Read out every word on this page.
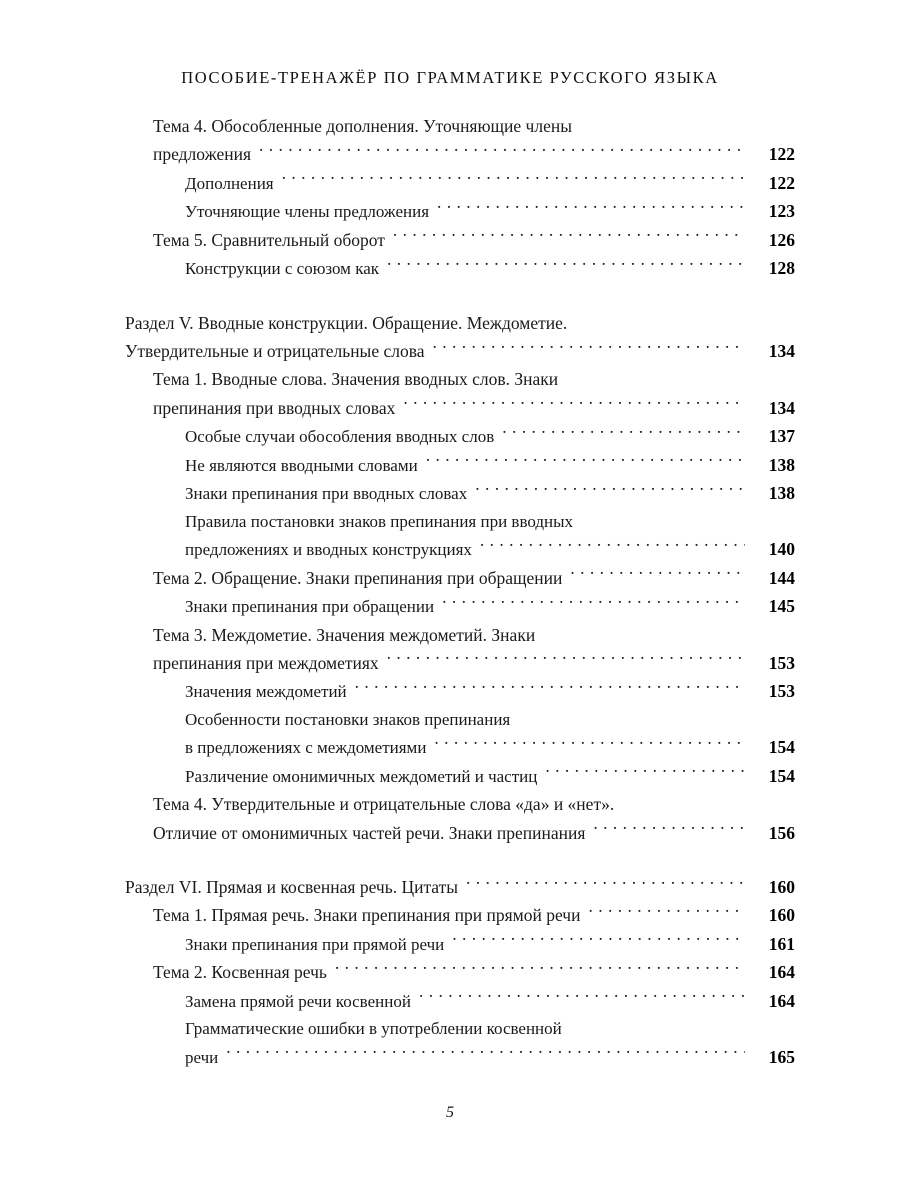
ПОСОБИЕ-ТРЕНАЖЁР ПО ГРАММАТИКЕ РУССКОГО ЯЗЫКА
Тема 4. Обособленные дополнения. Уточняющие члены
предложения . . .	122
Дополнения . . .	122
Уточняющие члены предложения . . .	123
Тема 5. Сравнительный оборот . . .	126
Конструкции с союзом как . . .	128
Раздел V. Вводные конструкции. Обращение. Междометие.
Утвердительные и отрицательные слова . . .	134
Тема 1. Вводные слова. Значения вводных слов. Знаки
препинания при вводных словах . . .	134
Особые случаи обособления вводных слов . . .	137
Не являются вводными словами . . .	138
Знаки препинания при вводных словах . . .	138
Правила постановки знаков препинания при вводных
предложениях и вводных конструкциях . . .	140
Тема 2. Обращение. Знаки препинания при обращении . . .	144
Знаки препинания при обращении . . .	145
Тема 3. Междометие. Значения междометий. Знаки
препинания при междометиях . . .	153
Значения междометий . . .	153
Особенности постановки знаков препинания
в предложениях с междометиями . . .	154
Различение омонимичных междометий и частиц . . .	154
Тема 4. Утвердительные и отрицательные слова «да» и «нет».
Отличие от омонимичных частей речи. Знаки препинания . . .	156
Раздел VI. Прямая и косвенная речь. Цитаты . . .	160
Тема 1. Прямая речь. Знаки препинания при прямой речи . . .	160
Знаки препинания при прямой речи . . .	161
Тема 2. Косвенная речь . . .	164
Замена прямой речи косвенной . . .	164
Грамматические ошибки в употреблении косвенной
речи . . .	165
5
